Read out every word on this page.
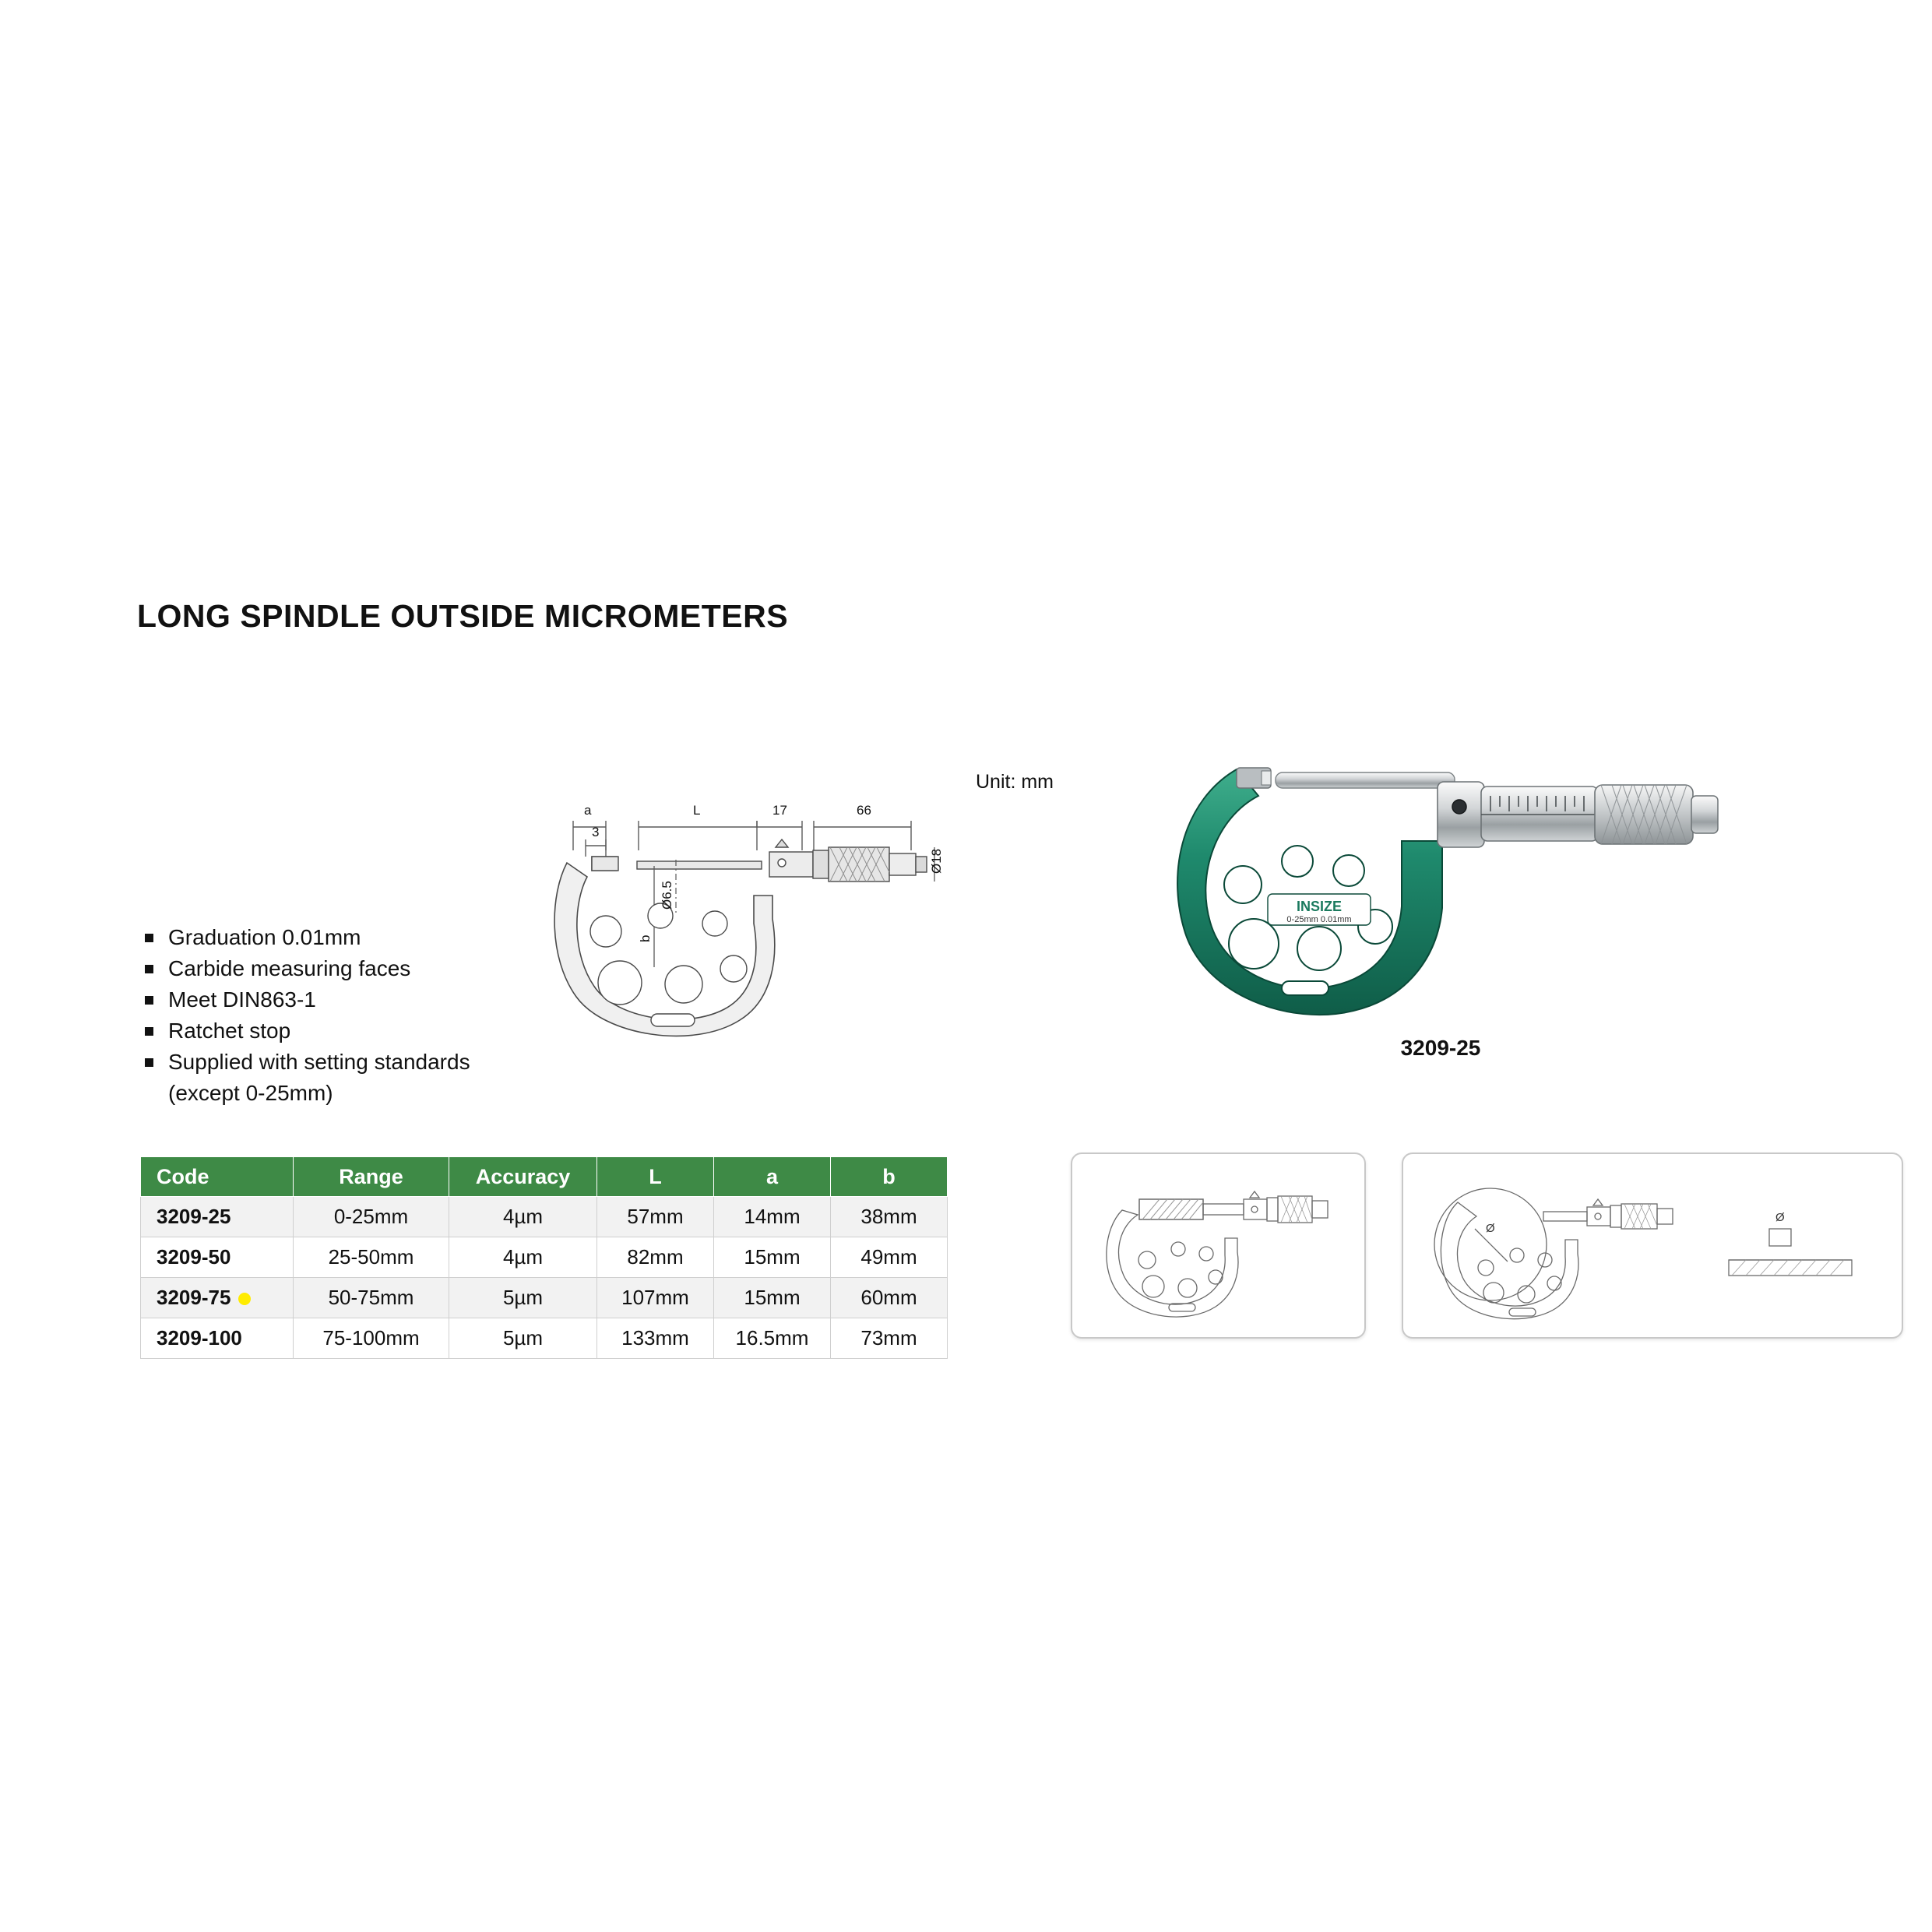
LONG SPINDLE OUTSIDE MICROMETERS
Graduation 0.01mm
Carbide measuring faces
Meet DIN863-1
Ratchet stop
Supplied with setting standards
(except 0-25mm)
Unit: mm
a
3
L	17	66
Ø18
Ø6.5
b
INSIZE
0-25mm 0.01mm
3209-25
Code	Range	Accuracy	L	a	b
3209-25	0-25mm	4µm	57mm	14mm	38mm
3209-50	25-50mm	4µm	82mm	15mm	49mm
3209-75	50-75mm	5µm	107mm	15mm	60mm
3209-100	75-100mm	5µm	133mm	16.5mm	73mm
Ø
Ø
